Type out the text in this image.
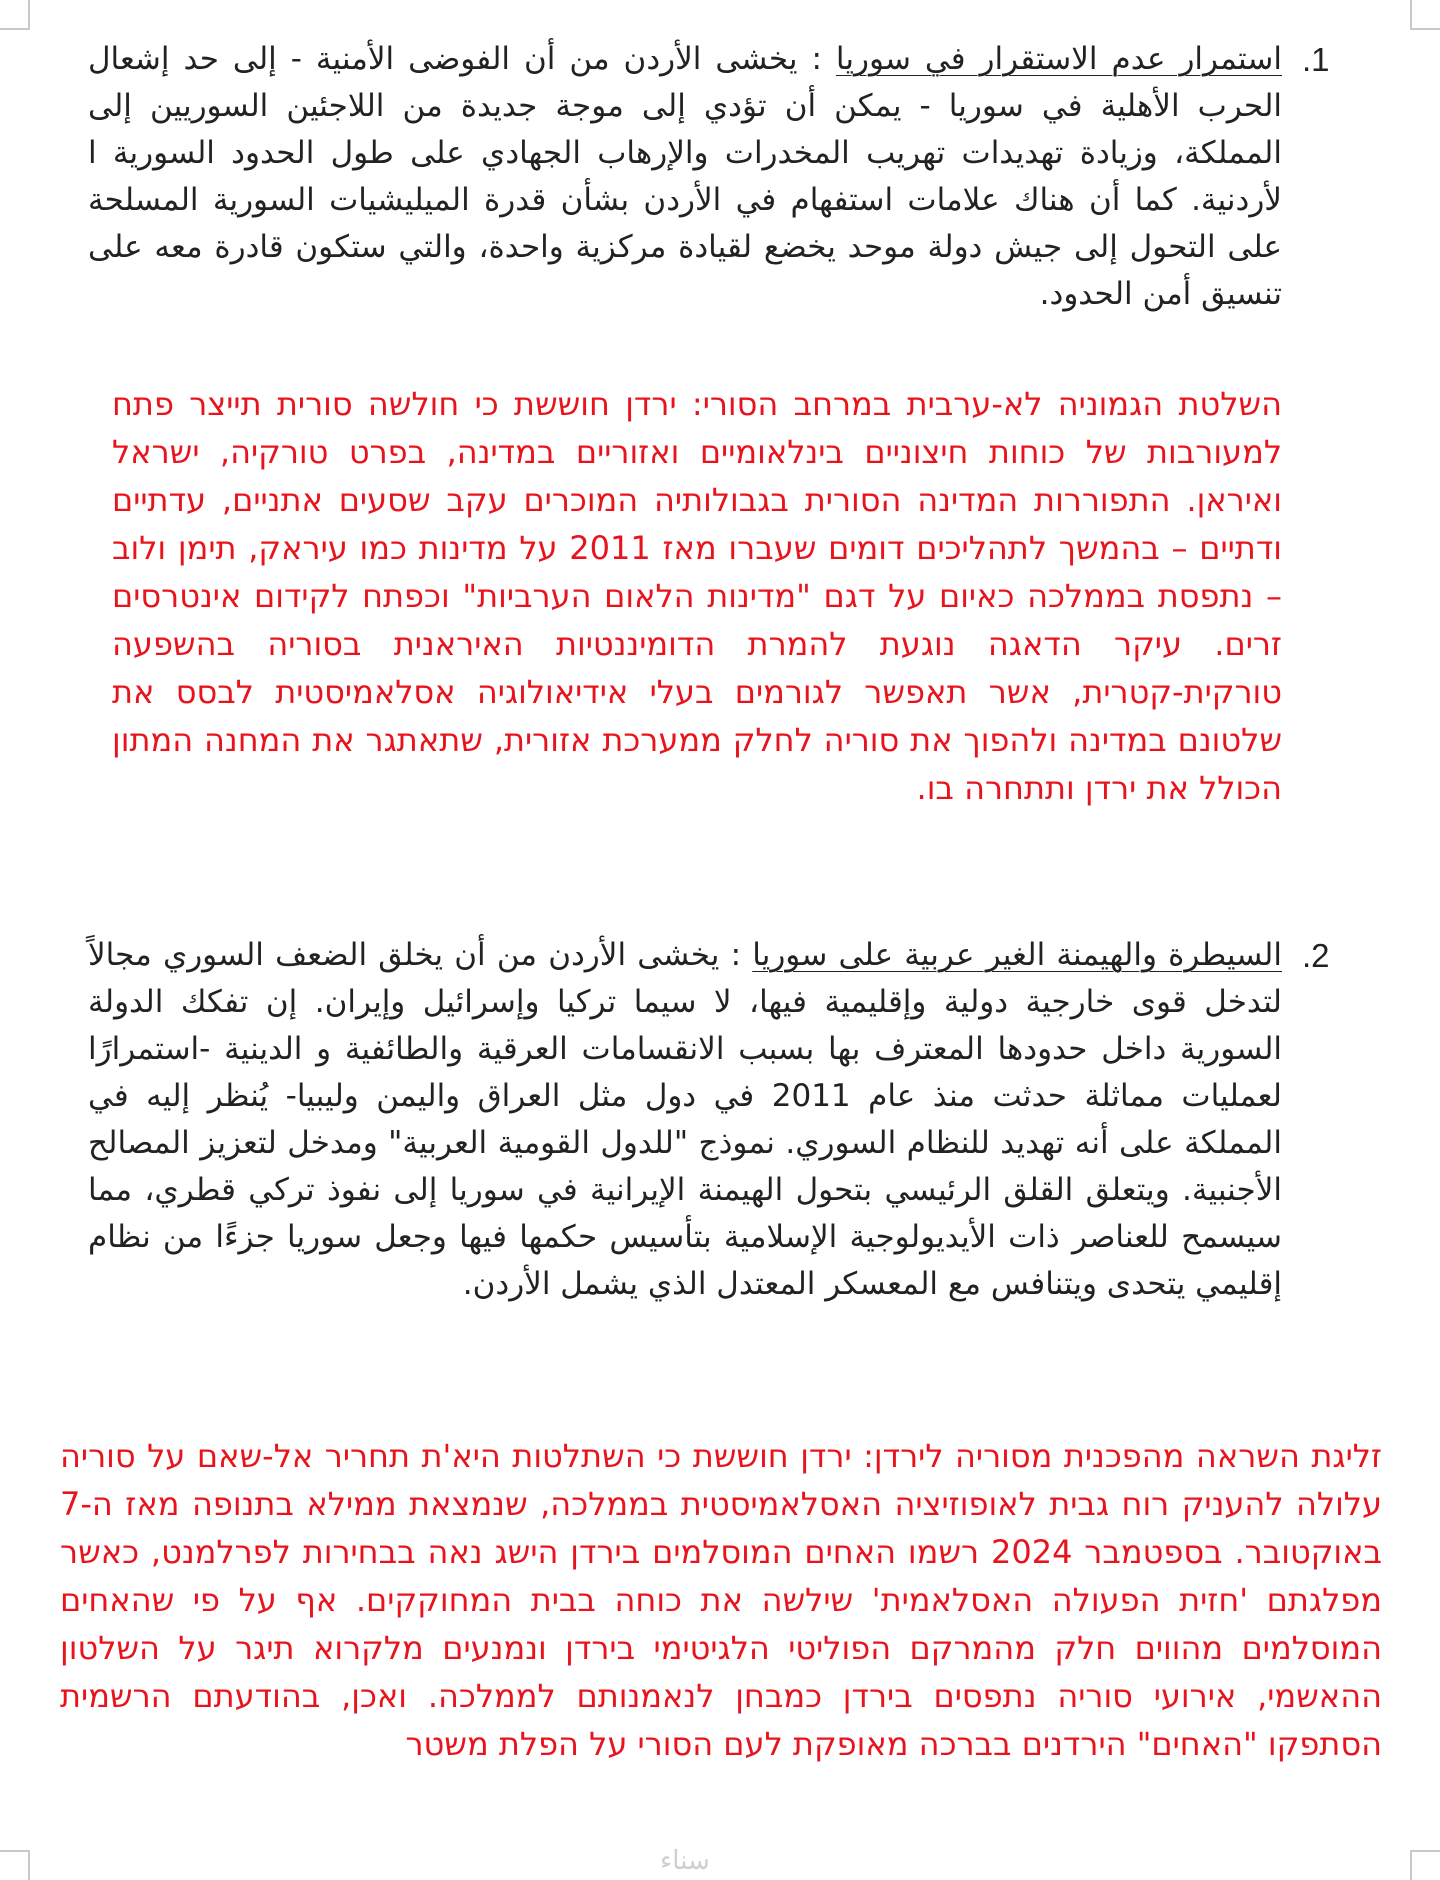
.1
استمرار عدم الاستقرار في سوريا : يخشى الأردن من أن الفوضى الأمنية - إلى حد إشعال الحرب الأهلية في سوريا - يمكن أن تؤدي إلى موجة جديدة من اللاجئين السوريين إلى المملكة، وزيادة تهديدات تهريب المخدرات والإرهاب الجهادي على طول الحدود السورية ا لأردنية. كما أن هناك علامات استفهام في الأردن بشأن قدرة الميليشيات السورية المسلحة على التحول إلى جيش دولة موحد يخضع لقيادة مركزية واحدة، والتي ستكون قادرة معه على تنسيق أمن الحدود.
השלטת הגמוניה לא-ערבית במרחב הסורי: ירדן חוששת כי חולשה סורית תייצר פתח למעורבות של כוחות חיצוניים בינלאומיים ואזוריים במדינה, בפרט טורקיה, ישראל ואיראן. התפוררות המדינה הסורית בגבולותיה המוכרים עקב שסעים אתניים, עדתיים ודתיים – בהמשך לתהליכים דומים שעברו מאז 2011 על מדינות כמו עיראק, תימן ולוב – נתפסת בממלכה כאיום על דגם "מדינות הלאום הערביות" וכפתח לקידום אינטרסים זרים. עיקר הדאגה נוגעת להמרת הדומיננטיות האיראנית בסוריה בהשפעה טורקית-קטרית, אשר תאפשר לגורמים בעלי אידיאולוגיה אסלאמיסטית לבסס את שלטונם במדינה ולהפוך את סוריה לחלק ממערכת אזורית, שתאתגר את המחנה המתון הכולל את ירדן ותתחרה בו.
.2
السيطرة والهيمنة الغير عربية على سوريا : يخشى الأردن من أن يخلق الضعف السوري مجالاً لتدخل قوى خارجية دولية وإقليمية فيها، لا سيما تركيا وإسرائيل وإيران. إن تفكك الدولة السورية داخل حدودها المعترف بها بسبب الانقسامات العرقية والطائفية و الدينية -استمرارًا لعمليات مماثلة حدثت منذ عام 2011 في دول مثل العراق واليمن وليبيا- يُنظر إليه في المملكة على أنه تهديد للنظام السوري. نموذج "للدول القومية العربية" ومدخل لتعزيز المصالح الأجنبية. ويتعلق القلق الرئيسي بتحول الهيمنة الإيرانية في سوريا إلى نفوذ تركي قطري، مما سيسمح للعناصر ذات الأيديولوجية الإسلامية بتأسيس حكمها فيها وجعل سوريا جزءًا من نظام إقليمي يتحدى ويتنافس مع المعسكر المعتدل الذي يشمل الأردن.
זליגת השראה מהפכנית מסוריה לירדן: ירדן חוששת כי השתלטות היא'ת תחריר אל-שאם על סוריה עלולה להעניק רוח גבית לאופוזיציה האסלאמיסטית בממלכה, שנמצאת ממילא בתנופה מאז ה-7 באוקטובר. בספטמבר 2024 רשמו האחים המוסלמים בירדן הישג נאה בבחירות לפרלמנט, כאשר מפלגתם 'חזית הפעולה האסלאמית' שילשה את כוחה בבית המחוקקים. אף על פי שהאחים המוסלמים מהווים חלק מהמרקם הפוליטי הלגיטימי בירדן ונמנעים מלקרוא תיגר על השלטון ההאשמי, אירועי סוריה נתפסים בירדן כמבחן לנאמנותם לממלכה. ואכן, בהודעתם הרשמית הסתפקו "האחים" הירדנים בברכה מאופקת לעם הסורי על הפלת משטר
سناء
